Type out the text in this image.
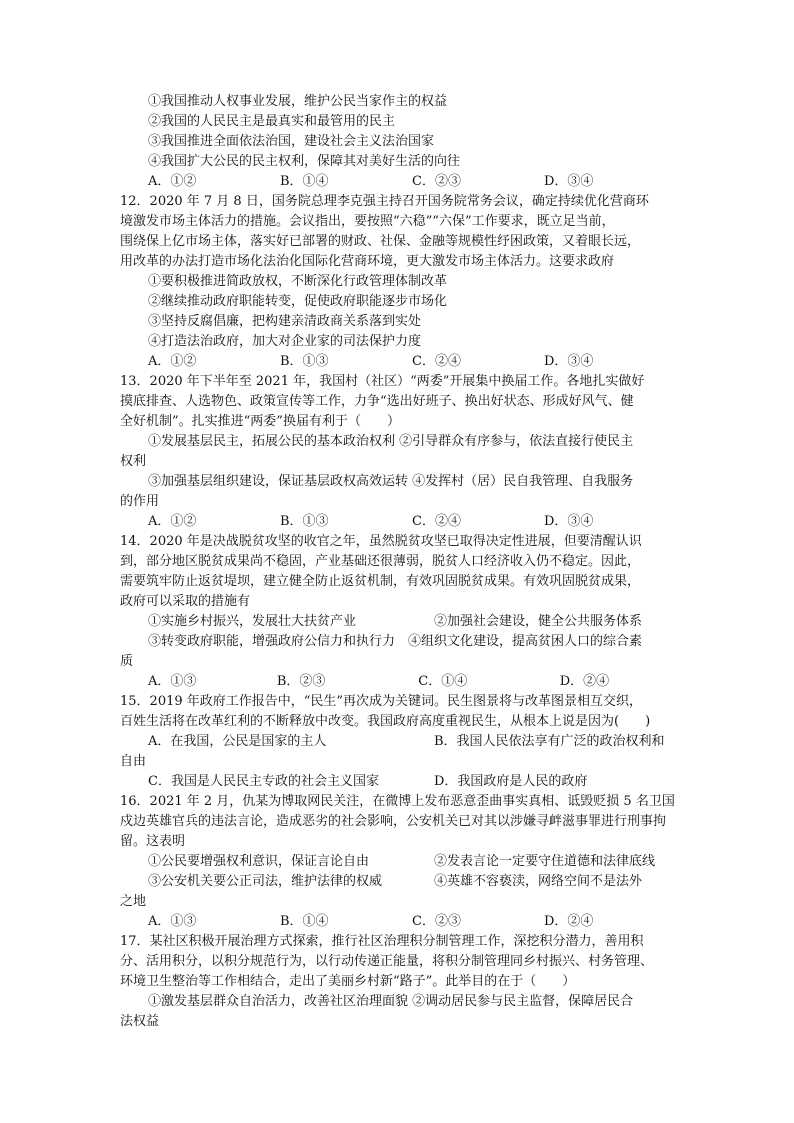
①我国推动人权事业发展，维护公民当家作主的权益
②我国的人民民主是最真实和最管用的民主
③我国推进全面依法治国，建设社会主义法治国家
④我国扩大公民的民主权利，保障其对美好生活的向往
A．①②	B．①④	C．②③	D．③④
12．2020 年 7 月 8 日，国务院总理李克强主持召开国务院常务会议，确定持续优化营商环
境激发市场主体活力的措施。会议指出，要按照“六稳”“六保”工作要求，既立足当前，
围绕保上亿市场主体，落实好已部署的财政、社保、金融等规模性纾困政策，又着眼长远，
用改革的办法打造市场化法治化国际化营商环境，更大激发市场主体活力。这要求政府
①要积极推进简政放权，不断深化行政管理体制改革
②继续推动政府职能转变，促使政府职能逐步市场化
③坚持反腐倡廉，把构建亲清政商关系落到实处
④打造法治政府，加大对企业家的司法保护力度
A．①②	B．①③	C．②④	D．③④
13．2020 年下半年至 2021 年，我国村（社区）“两委”开展集中换届工作。各地扎实做好
摸底排查、人选物色、政策宣传等工作，力争“选出好班子、换出好状态、形成好风气、健
全好机制”。扎实推进“两委”换届有利于（　　）
①发展基层民主，拓展公民的基本政治权利 ②引导群众有序参与，依法直接行使民主
权利
③加强基层组织建设，保证基层政权高效运转 ④发挥村（居）民自我管理、自我服务
的作用
A．①②	B．①③	C．②④	D．③④
14．2020 年是决战脱贫攻坚的收官之年，虽然脱贫攻坚已取得决定性进展，但要清醒认识
到，部分地区脱贫成果尚不稳固，产业基础还很薄弱，脱贫人口经济收入仍不稳定。因此，
需要筑牢防止返贫堤坝，建立健全防止返贫机制，有效巩固脱贫成果。有效巩固脱贫成果，
政府可以采取的措施有
①实施乡村振兴，发展壮大扶贫产业	②加强社会建设，健全公共服务体系
③转变政府职能，增强政府公信力和执行力　④组织文化建设，提高贫困人口的综合素
质
A．①③	B．②③	C．①④	D．②④
15．2019 年政府工作报告中，“民生”再次成为关键词。民生图景将与改革图景相互交织，
百姓生活将在改革红利的不断释放中改变。我国政府高度重视民生，从根本上说是因为(　　)
A．在我国，公民是国家的主人	B．我国人民依法享有广泛的政治权利和
自由
C．我国是人民民主专政的社会主义国家	D．我国政府是人民的政府
16．2021 年 2 月，仇某为博取网民关注，在微博上发布恶意歪曲事实真相、诋毁贬损 5 名卫国
戍边英雄官兵的违法言论，造成恶劣的社会影响，公安机关已对其以涉嫌寻衅滋事罪进行刑事拘
留。这表明
①公民要增强权利意识，保证言论自由	②发表言论一定要守住道德和法律底线
③公安机关要公正司法，维护法律的权威	④英雄不容亵渎，网络空间不是法外
之地
A．①③	B．①④	C．②③	D．②④
17．某社区积极开展治理方式探索，推行社区治理积分制管理工作，深挖积分潜力，善用积
分、活用积分，以积分规范行为，以行动传递正能量，将积分制管理同乡村振兴、村务管理、
环境卫生整治等工作相结合，走出了美丽乡村新“路子”。此举目的在于（　　）
①激发基层群众自治活力，改善社区治理面貌 ②调动居民参与民主监督，保障居民合
法权益
